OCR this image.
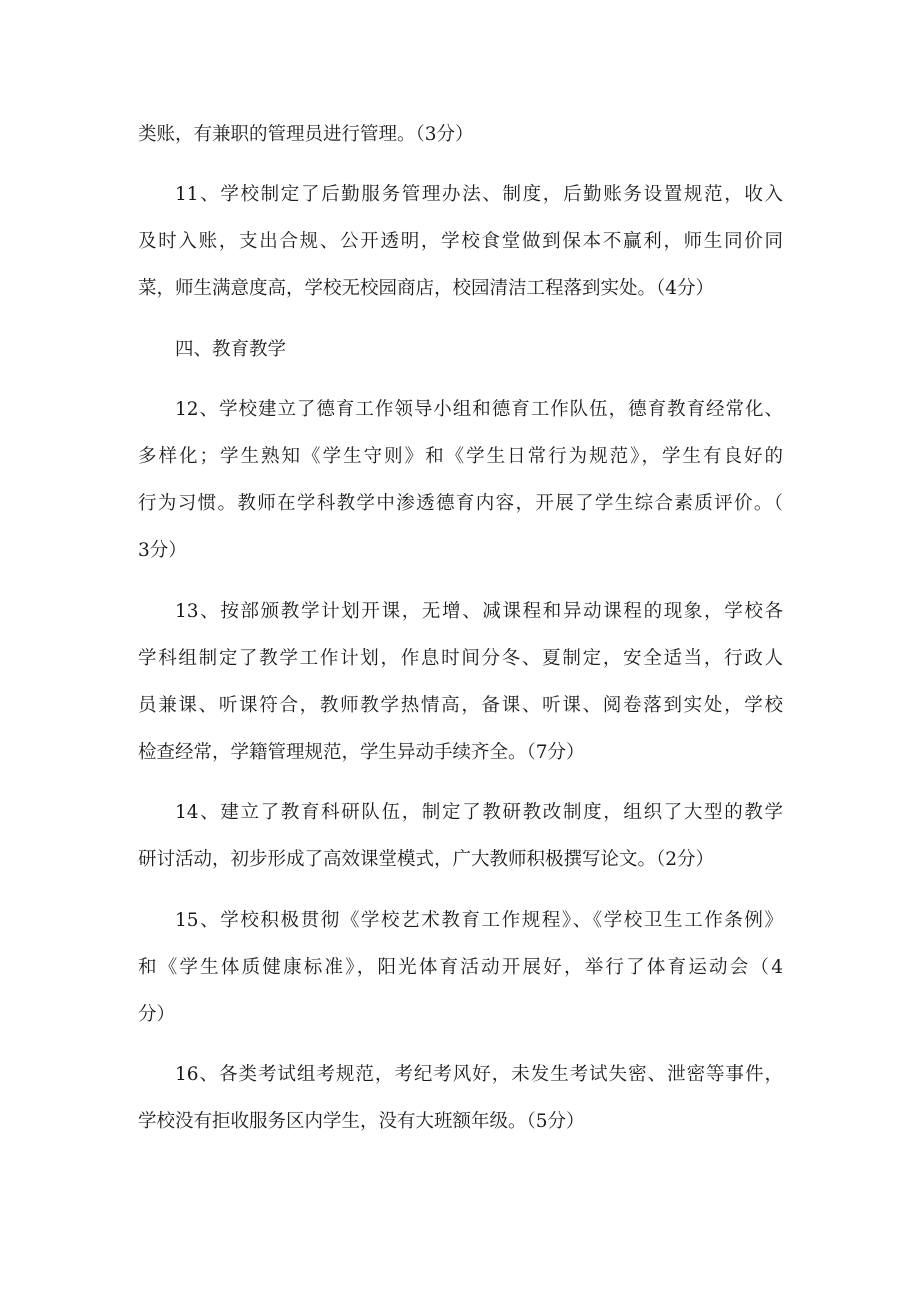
类账，有兼职的管理员进行管理。（3分）
11、学校制定了后勤服务管理办法、制度，后勤账务设置规范，收入
及时入账，支出合规、公开透明，学校食堂做到保本不赢利，师生同价同
菜，师生满意度高，学校无校园商店，校园清洁工程落到实处。（4分）
四、教育教学
12、学校建立了德育工作领导小组和德育工作队伍，德育教育经常化、
多样化；学生熟知《学生守则》和《学生日常行为规范》，学生有良好的
行为习惯。教师在学科教学中渗透德育内容，开展了学生综合素质评价。（
3分）
13、按部颁教学计划开课，无增、减课程和异动课程的现象，学校各
学科组制定了教学工作计划，作息时间分冬、夏制定，安全适当，行政人
员兼课、听课符合，教师教学热情高，备课、听课、阅卷落到实处，学校
检查经常，学籍管理规范，学生异动手续齐全。（7分）
14、建立了教育科研队伍，制定了教研教改制度，组织了大型的教学
研讨活动，初步形成了高效课堂模式，广大教师积极撰写论文。（2分）
15、学校积极贯彻《学校艺术教育工作规程》、《学校卫生工作条例》
和《学生体质健康标准》，阳光体育活动开展好，举行了体育运动会（4
分）
16、各类考试组考规范，考纪考风好，未发生考试失密、泄密等事件，
学校没有拒收服务区内学生，没有大班额年级。（5分）
